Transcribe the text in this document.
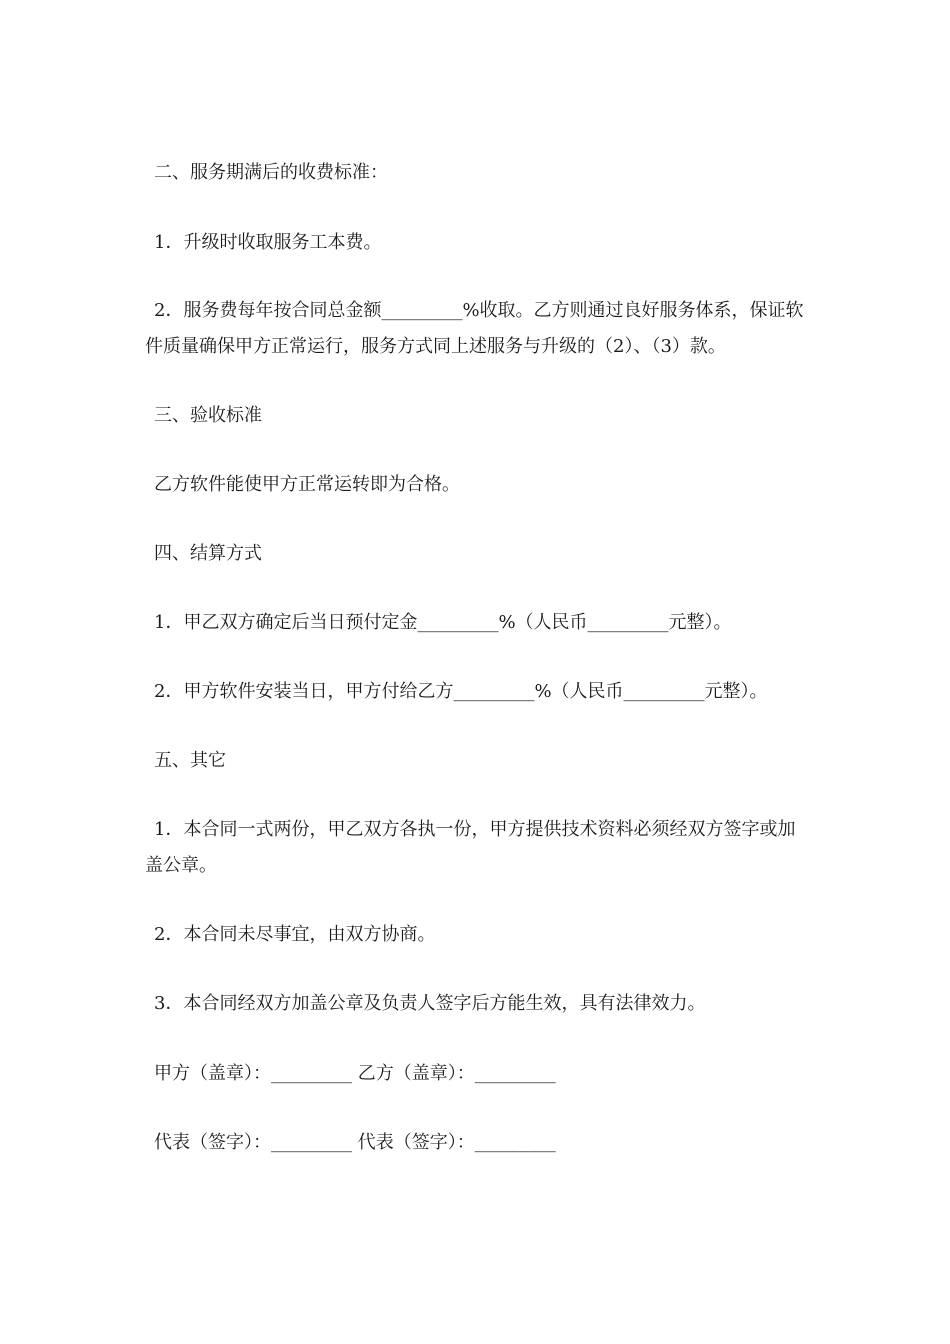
二、服务期满后的收费标准：

1．升级时收取服务工本费。

2．服务费每年按合同总金额_________%收取。乙方则通过良好服务体系，保证软件质量确保甲方正常运行，服务方式同上述服务与升级的（2）、（3）款。

三、验收标准

乙方软件能使甲方正常运转即为合格。

四、结算方式

1．甲乙双方确定后当日预付定金_________%（人民币_________元整）。

2．甲方软件安装当日，甲方付给乙方_________%（人民币_________元整）。

五、其它

1．本合同一式两份，甲乙双方各执一份，甲方提供技术资料必须经双方签字或加盖公章。

2．本合同未尽事宜，由双方协商。

3．本合同经双方加盖公章及负责人签字后方能生效，具有法律效力。

甲方（盖章）：_________ 乙方（盖章）：_________

代表（签字）：_________ 代表（签字）：_________
